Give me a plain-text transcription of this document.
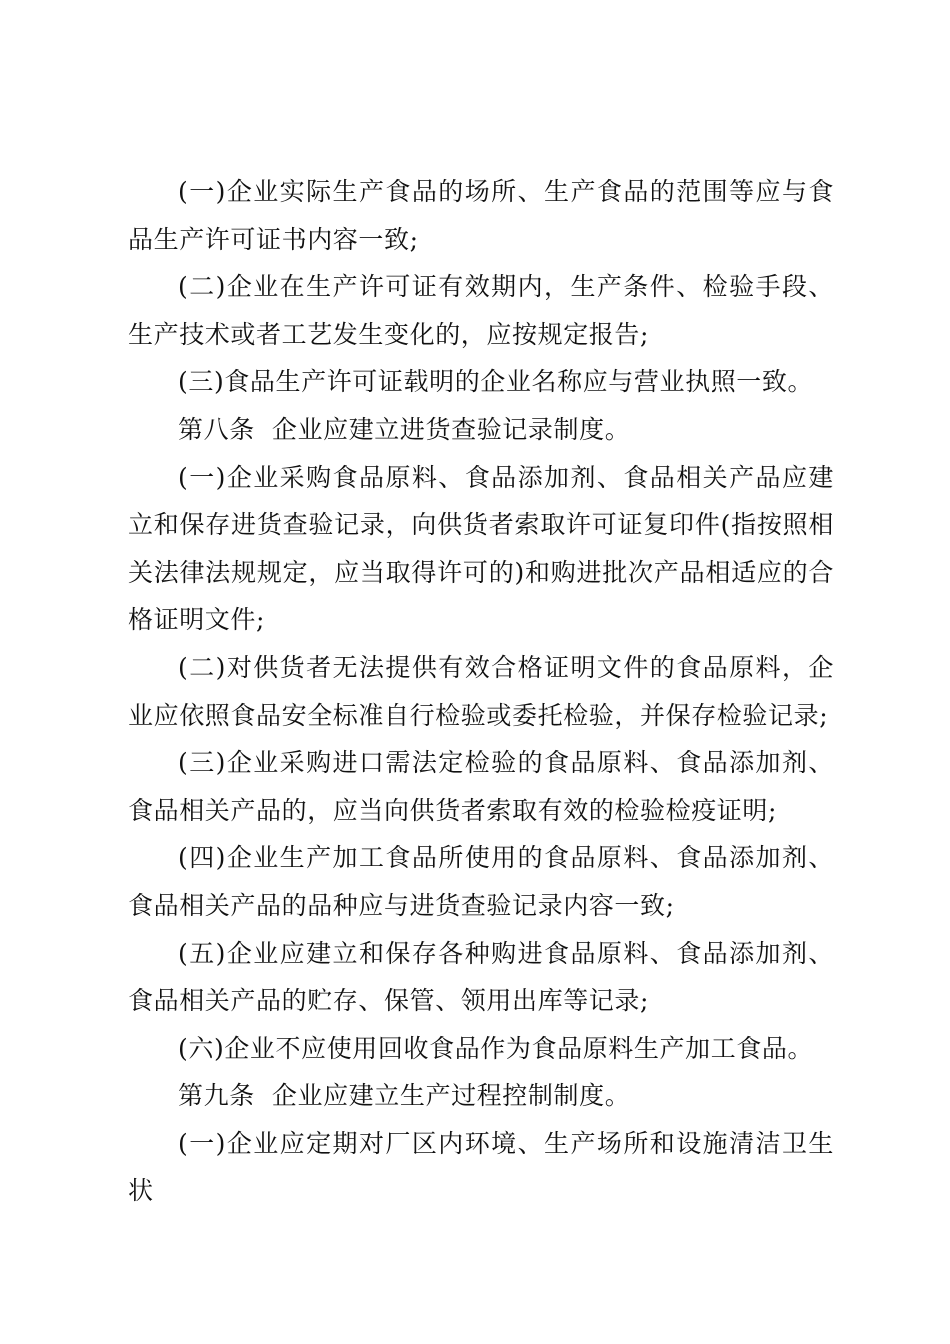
(一)企业实际生产食品的场所、生产食品的范围等应与食品生产许可证书内容一致;

(二)企业在生产许可证有效期内，生产条件、检验手段、生产技术或者工艺发生变化的，应按规定报告;

(三)食品生产许可证载明的企业名称应与营业执照一致。

第八条  企业应建立进货查验记录制度。

(一)企业采购食品原料、食品添加剂、食品相关产品应建立和保存进货查验记录，向供货者索取许可证复印件(指按照相关法律法规规定，应当取得许可的)和购进批次产品相适应的合格证明文件;

(二)对供货者无法提供有效合格证明文件的食品原料，企业应依照食品安全标准自行检验或委托检验，并保存检验记录;

(三)企业采购进口需法定检验的食品原料、食品添加剂、食品相关产品的，应当向供货者索取有效的检验检疫证明;

(四)企业生产加工食品所使用的食品原料、食品添加剂、食品相关产品的品种应与进货查验记录内容一致;

(五)企业应建立和保存各种购进食品原料、食品添加剂、食品相关产品的贮存、保管、领用出库等记录;

(六)企业不应使用回收食品作为食品原料生产加工食品。

第九条  企业应建立生产过程控制制度。

(一)企业应定期对厂区内环境、生产场所和设施清洁卫生状
